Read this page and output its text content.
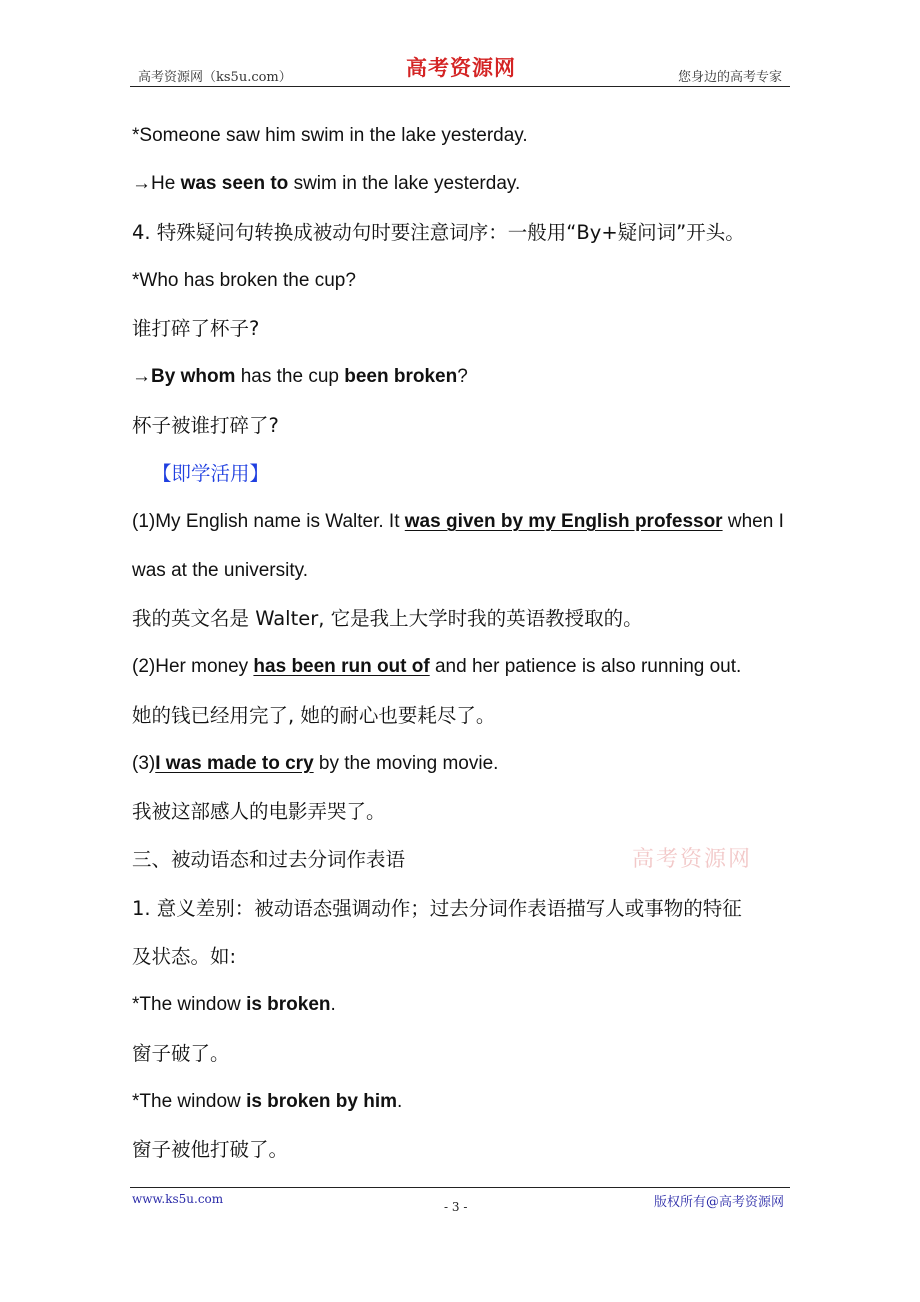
高考资源网（ks5u.com）	高考资源网	您身边的高考专家
高考资源网
*Someone saw him swim in the lake yesterday.
→He was seen to swim in the lake yesterday.
4. 特殊疑问句转换成被动句时要注意词序：一般用“By+疑问词”开头。
*Who has broken the cup?
谁打碎了杯子?
→By whom has the cup been broken?
杯子被谁打碎了?
【即学活用】
(1)My English name is Walter. It was given by my English professor when I
was at the university.
我的英文名是 Walter, 它是我上大学时我的英语教授取的。
(2)Her money has been run out of and her patience is also running out.
她的钱已经用完了, 她的耐心也要耗尽了。
(3)I was made to cry by the moving movie.
我被这部感人的电影弄哭了。
三、被动语态和过去分词作表语
1. 意义差别：被动语态强调动作；过去分词作表语描写人或事物的特征
及状态。如:
*The window is broken.
窗子破了。
*The window is broken by him.
窗子被他打破了。
www.ks5u.com
- 3 -	版权所有@高考资源网
